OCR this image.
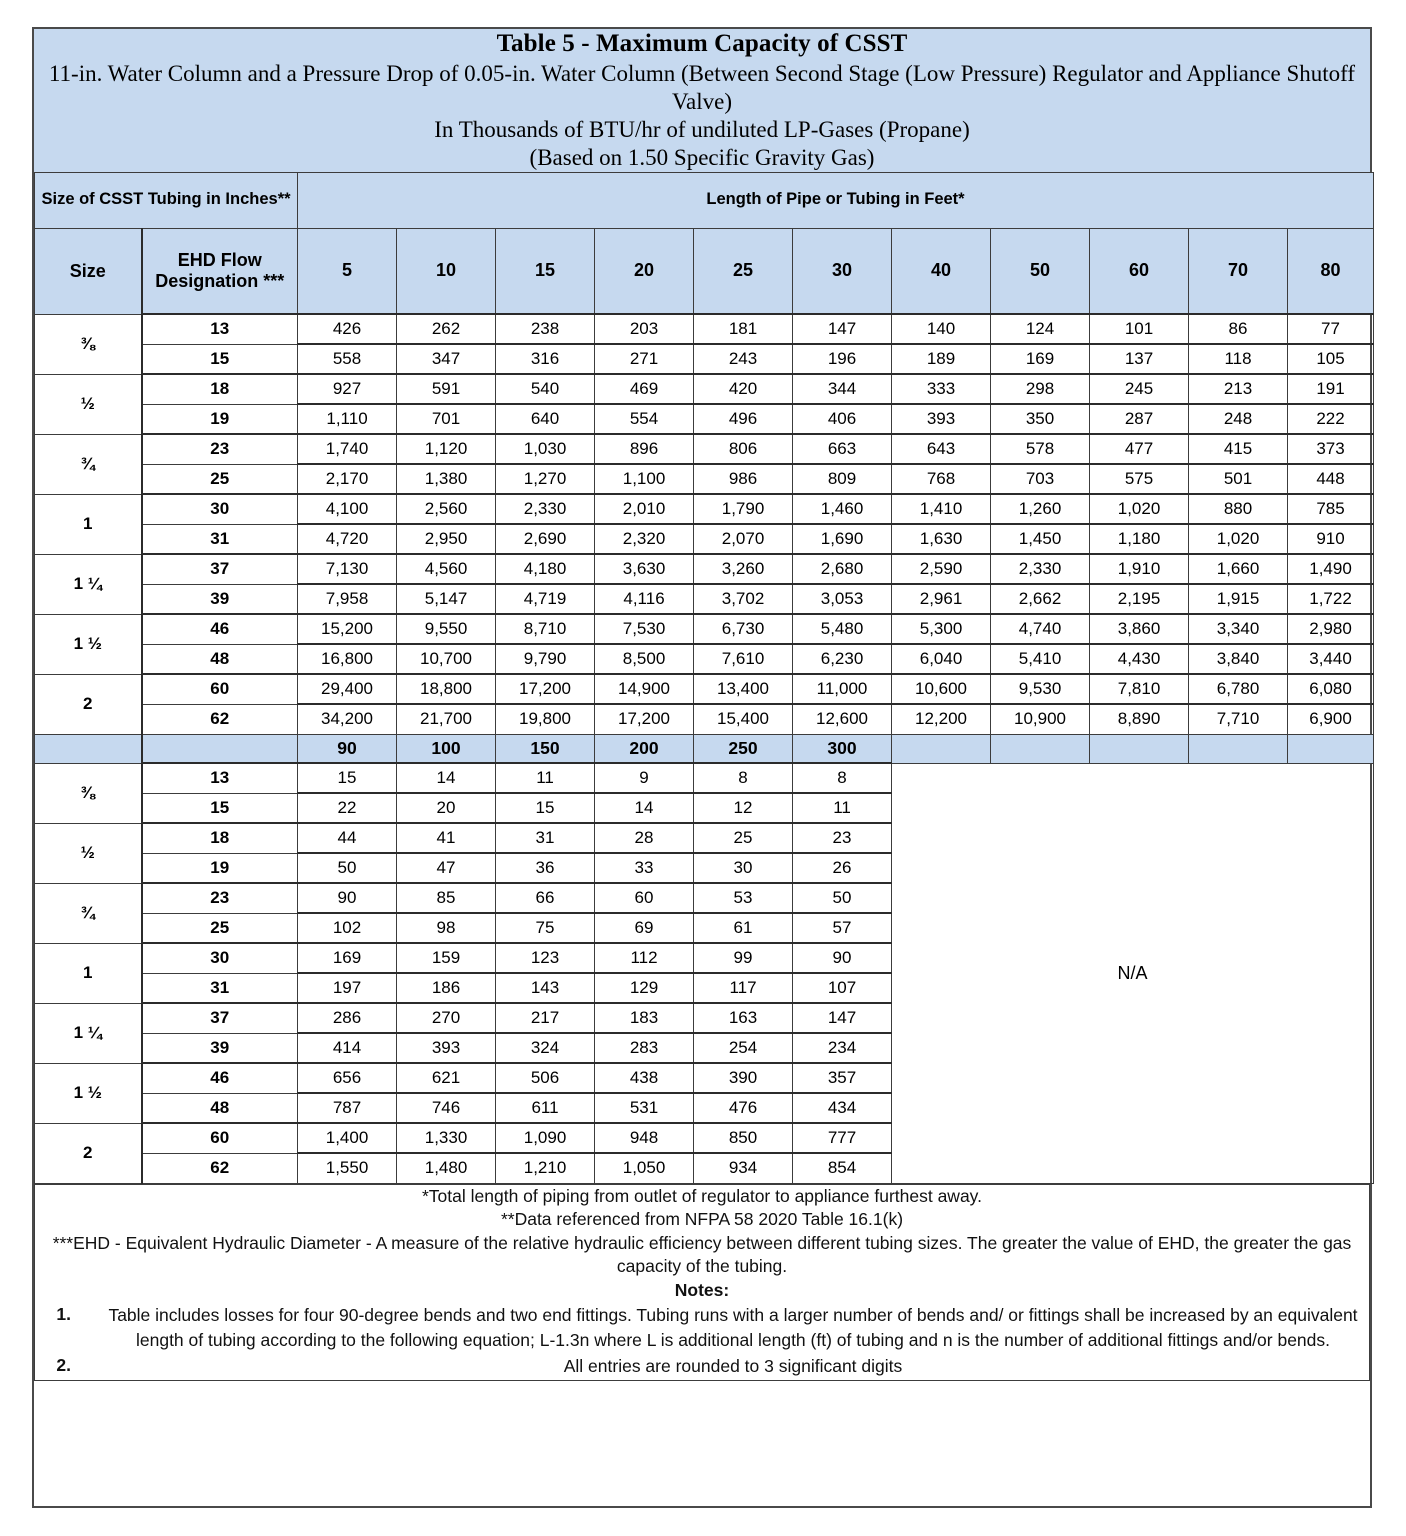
Table 5 - Maximum Capacity of CSST
11-in. Water Column and a Pressure Drop of 0.05-in. Water Column (Between Second Stage (Low Pressure) Regulator and Appliance Shutoff Valve)
In Thousands of BTU/hr of undiluted LP-Gases (Propane)
(Based on 1.50 Specific Gravity Gas)
Size of CSST Tubing in Inches**		Length of Pipe or Tubing in Feet*										
Size	EHD Flow Designation ***	5	10	15	20	25	30	40	50	60	70	80
⅜	13	426	262	238	203	181	147	140	124	101	86	77
	15	558	347	316	271	243	196	189	169	137	118	105
½	18	927	591	540	469	420	344	333	298	245	213	191
	19	1,110	701	640	554	496	406	393	350	287	248	222
¾	23	1,740	1,120	1,030	896	806	663	643	578	477	415	373
	25	2,170	1,380	1,270	1,100	986	809	768	703	575	501	448
1	30	4,100	2,560	2,330	2,010	1,790	1,460	1,410	1,260	1,020	880	785
	31	4,720	2,950	2,690	2,320	2,070	1,690	1,630	1,450	1,180	1,020	910
1 ¼	37	7,130	4,560	4,180	3,630	3,260	2,680	2,590	2,330	1,910	1,660	1,490
	39	7,958	5,147	4,719	4,116	3,702	3,053	2,961	2,662	2,195	1,915	1,722
1 ½	46	15,200	9,550	8,710	7,530	6,730	5,480	5,300	4,740	3,860	3,340	2,980
	48	16,800	10,700	9,790	8,500	7,610	6,230	6,040	5,410	4,430	3,840	3,440
2	60	29,400	18,800	17,200	14,900	13,400	11,000	10,600	9,530	7,810	6,780	6,080
	62	34,200	21,700	19,800	17,200	15,400	12,600	12,200	10,900	8,890	7,710	6,900
		90	100	150	200	250	300					
⅜	13	15	14	11	9	8	8	N/A				
	15	22	20	15	14	12	11					
½	18	44	41	31	28	25	23					
	19	50	47	36	33	30	26					
¾	23	90	85	66	60	53	50					
	25	102	98	75	69	61	57					
1	30	169	159	123	112	99	90					
	31	197	186	143	129	117	107					
1 ¼	37	286	270	217	183	163	147					
	39	414	393	324	283	254	234					
1 ½	46	656	621	506	438	390	357					
	48	787	746	611	531	476	434					
2	60	1,400	1,330	1,090	948	850	777					
	62	1,550	1,480	1,210	1,050	934	854					

*Total length of piping from outlet of regulator to appliance furthest away.

**Data referenced from NFPA 58 2020 Table 16.1(k)

***EHD - Equivalent Hydraulic Diameter - A measure of the relative hydraulic efficiency between different tubing sizes. The greater the value of EHD, the greater the gas capacity of the tubing.

Notes:

1.	Table includes losses for four 90-degree bends and two end fittings. Tubing runs with a larger number of bends and/ or fittings shall be increased by an equivalent length of tubing according to the following equation; L-1.3n where L is additional length (ft) of tubing and n is the number of additional fittings and/or bends.
2.	All entries are rounded to 3 significant digits
